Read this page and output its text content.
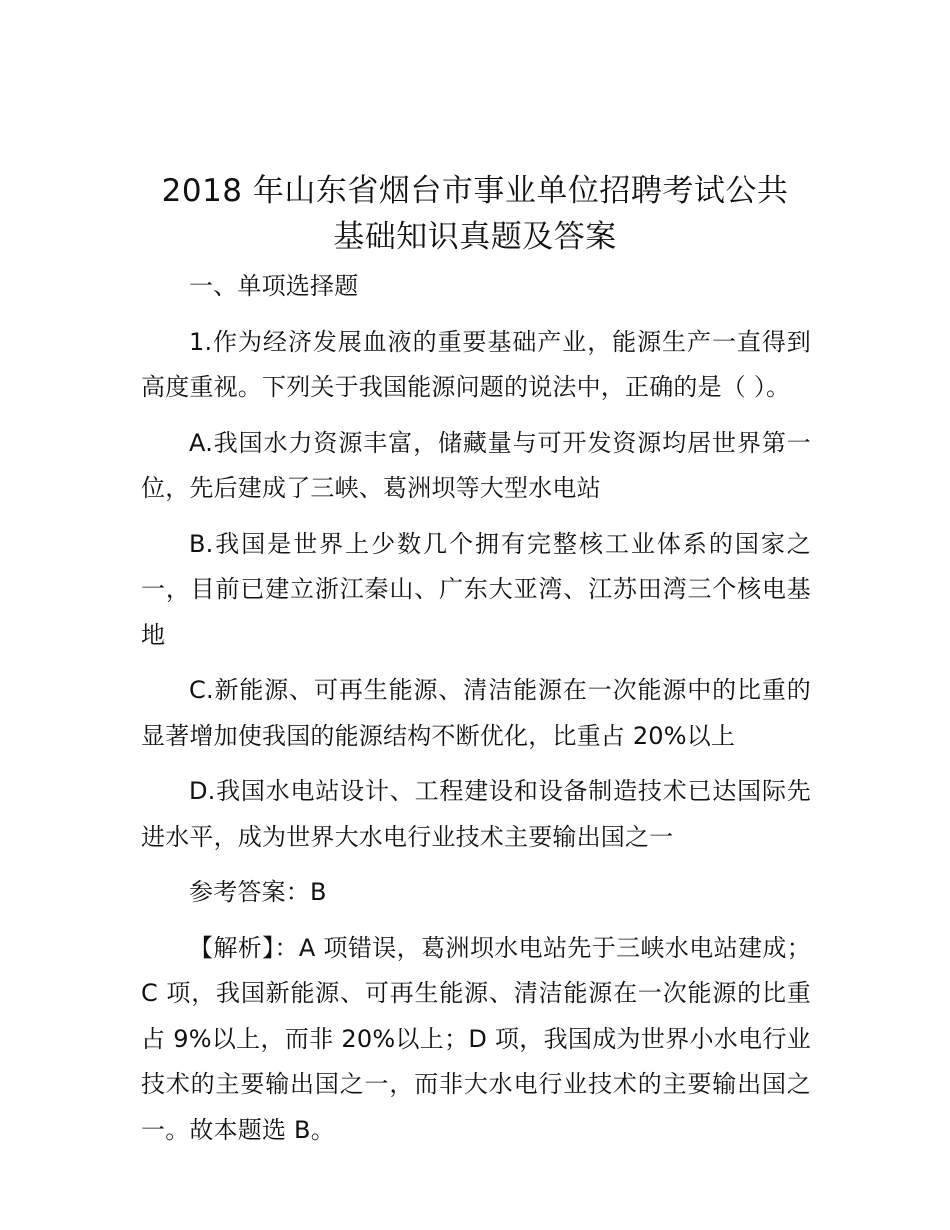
2018 年山东省烟台市事业单位招聘考试公共
基础知识真题及答案

一、单项选择题

1.作为经济发展血液的重要基础产业，能源生产一直得到高度重视。下列关于我国能源问题的说法中，正确的是（ ）。

A.我国水力资源丰富，储藏量与可开发资源均居世界第一位，先后建成了三峡、葛洲坝等大型水电站

B.我国是世界上少数几个拥有完整核工业体系的国家之一，目前已建立浙江秦山、广东大亚湾、江苏田湾三个核电基地

C.新能源、可再生能源、清洁能源在一次能源中的比重的显著增加使我国的能源结构不断优化，比重占 20%以上

D.我国水电站设计、工程建设和设备制造技术已达国际先进水平，成为世界大水电行业技术主要输出国之一

参考答案：B

【解析】：A 项错误，葛洲坝水电站先于三峡水电站建成；C 项，我国新能源、可再生能源、清洁能源在一次能源的比重占 9%以上，而非 20%以上；D 项，我国成为世界小水电行业技术的主要输出国之一，而非大水电行业技术的主要输出国之一。故本题选 B。
